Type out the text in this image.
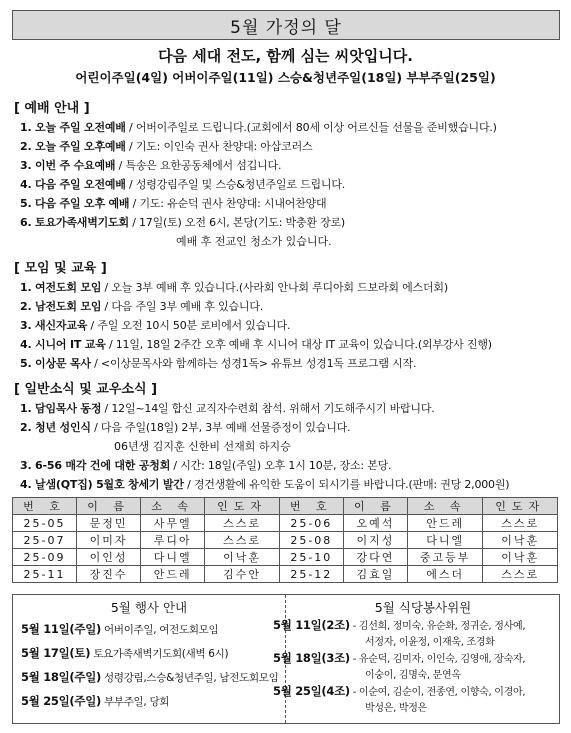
5월 가정의 달
다음 세대 전도, 함께 심는 씨앗입니다.
어린이주일(4일) 어버이주일(11일) 스승&청년주일(18일) 부부주일(25일)
[ 예배 안내 ]
1. 오늘 주일 오전예배 / 어버이주일로 드립니다.(교회에서 80세 이상 어르신들 선물을 준비했습니다.)
2. 오늘 주일 오후예배 / 기도: 이인숙 권사 찬양대: 아삽코러스
3. 이번 주 수요예배 / 특송은 요한공동체에서 섬깁니다.
4. 다음 주일 오전예배 / 성령강림주일 및 스승&청년주일로 드립니다.
5. 다음 주일 오후 예배 / 기도: 유순덕 권사 찬양대: 시내어찬양대
6. 토요가족새벽기도회 / 17일(토) 오전 6시, 본당(기도: 박충환 장로)
예배 후 전교인 청소가 있습니다.
[ 모임 및 교육 ]
1. 여전도회 모임 / 오늘 3부 예배 후 있습니다.(사라회 안나회 루디아회 드보라회 에스더회)
2. 남전도회 모임 / 다음 주일 3부 예배 후 있습니다.
3. 새신자교육 / 주일 오전 10시 50분 로비에서 있습니다.
4. 시니어 IT 교육 / 11일, 18일 2주간 오후 예배 후 시니어 대상 IT 교육이 있습니다.(외부강사 진행)
5. 이상문 목사 / <이상문목사와 함께하는 성경1독> 유튜브 성경1독 프로그램 시작.
[ 일반소식 및 교우소식 ]
1. 담임목사 동정 / 12일~14일 합신 교직자수련회 참석. 위해서 기도해주시기 바랍니다.
2. 청년 성인식 / 다음 주일(18일) 2부, 3부 예배 선물증정이 있습니다.
06년생 김지훈 신한비 선재희 하지승
3. 6-56 매각 건에 대한 공청회 / 시간: 18일(주일) 오후 1시 10분, 장소: 본당.
4. 날샘(QT집) 5월호 창세기 발간 / 경건생활에 유익한 도움이 되시기를 바랍니다.(판매: 권당 2,000원)
번 호	이 름	소 속	인도자	번 호	이 름	소 속	인도자
25-05	문정민	사무엘	스스로	25-06	오예석	안드레	스스로
25-07	이미자	루디아	스스로	25-08	이지성	다니엘	이낙훈
25-09	이인성	다니엘	이낙훈	25-10	강다연	중고등부	이낙훈
25-11	장진수	안드레	김수안	25-12	김효일	에스더	스스로
5월 행사 안내	5월 식당봉사위원
5월 11일(주일) 어버이주일, 여전도회모임
5월 17일(토) 토요가족새벽기도회(새벽 6시)
5월 18일(주일) 성령강림,스승&청년주일, 남전도회모임
5월 25일(주일) 부부주일, 당회
5월 11일(2조) - 김선희, 정미숙, 유순화, 정귀순, 정사예,
서정자, 이윤정, 이재욱, 조경화
5월 18일(3조) - 유순덕, 김미자, 이인숙, 김영애, 장숙자,
이숭이, 김명숙, 문연옥
5월 25일(4조) - 이순여, 김순이, 전종연, 이향숙, 이경아,
박성은, 박정은
